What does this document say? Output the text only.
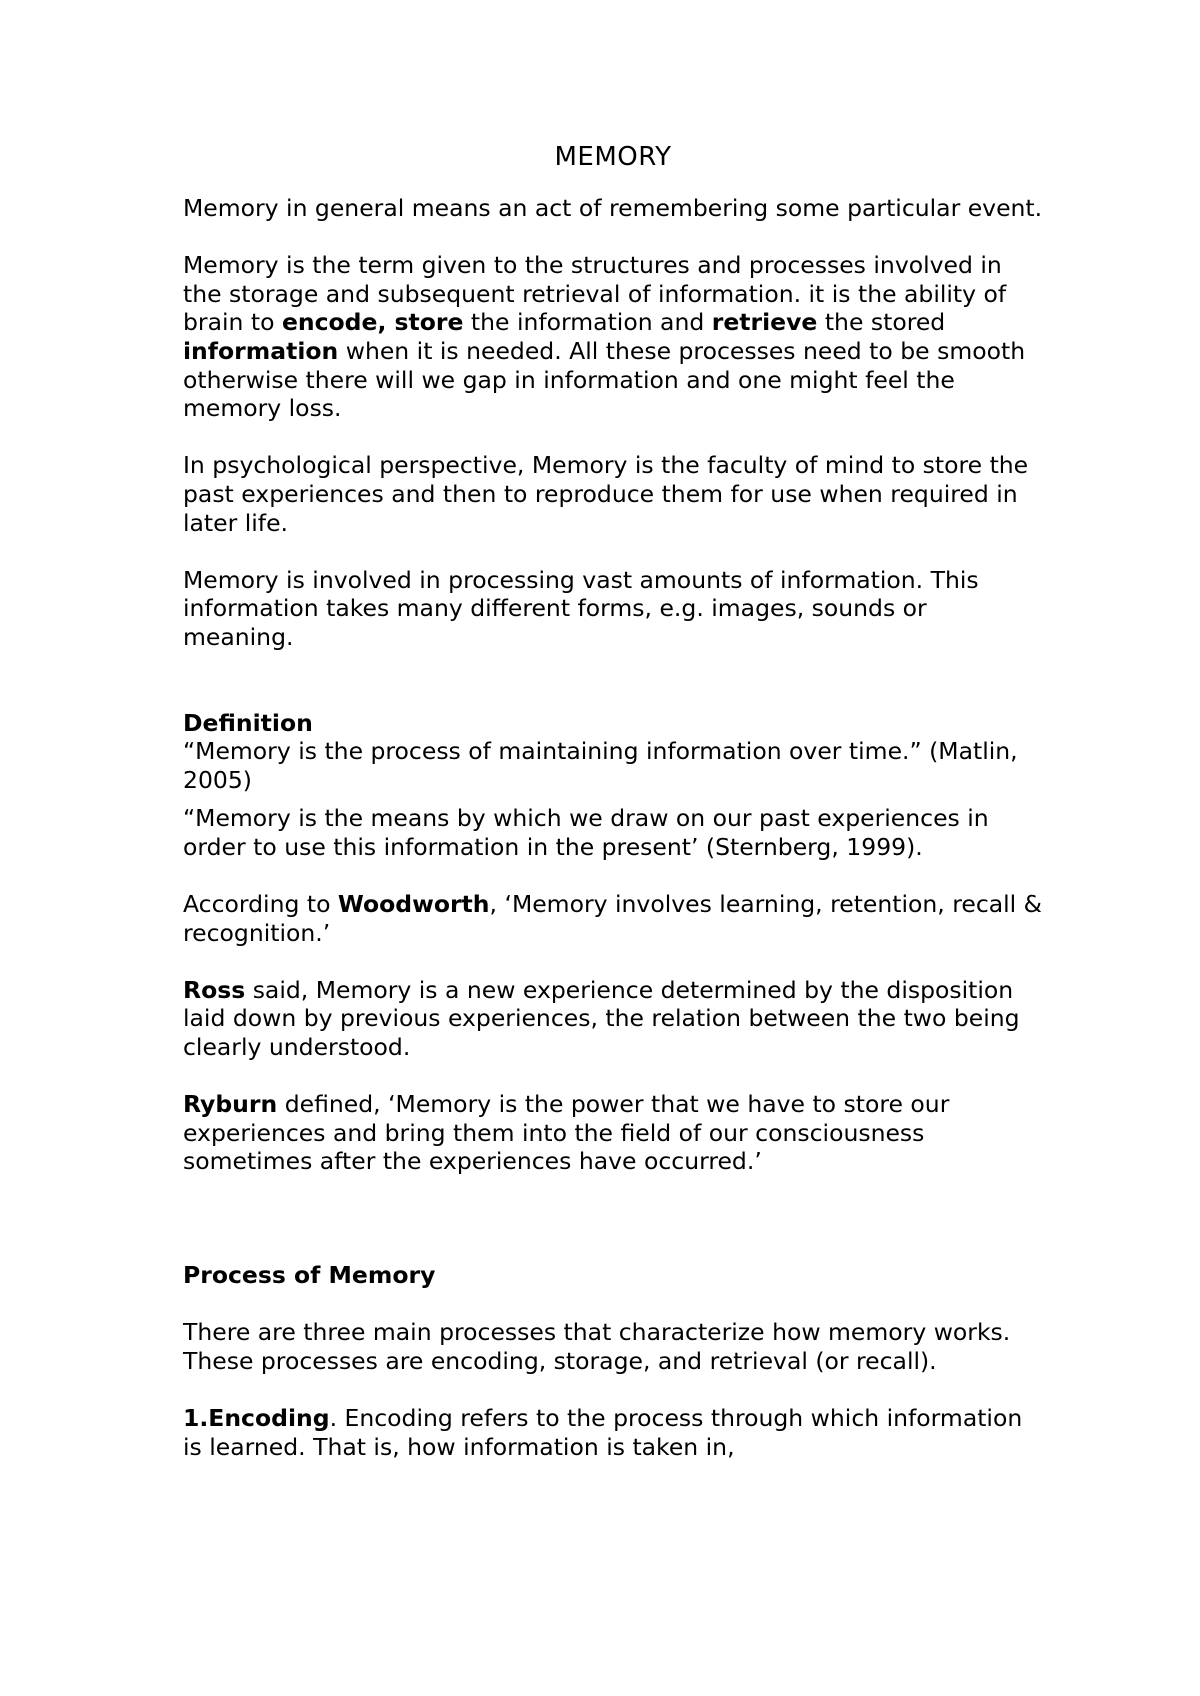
MEMORY

Memory in general means an act of remembering some particular event.

Memory is the term given to the structures and processes involved in the storage and subsequent retrieval of information. it is the ability of brain to encode, store the information and retrieve the stored information when it is needed. All these processes need to be smooth otherwise there will we gap in information and one might feel the memory loss.

In psychological perspective, Memory is the faculty of mind to store the past experiences and then to reproduce them for use when required in later life.

Memory is involved in processing vast amounts of information. This information takes many different forms, e.g. images, sounds or meaning.

Definition

“Memory is the process of maintaining information over time.” (Matlin, 2005)

“Memory is the means by which we draw on our past experiences in order to use this information in the present’ (Sternberg, 1999).

According to Woodworth, ‘Memory involves learning, retention, recall & recognition.’

Ross said, Memory is a new experience determined by the disposition laid down by previous experiences, the relation between the two being clearly understood.

Ryburn defined, ‘Memory is the power that we have to store our experiences and bring them into the field of our consciousness sometimes after the experiences have occurred.’

Process of Memory

There are three main processes that characterize how memory works. These processes are encoding, storage, and retrieval (or recall).

1.Encoding. Encoding refers to the process through which information is learned. That is, how information is taken in,
